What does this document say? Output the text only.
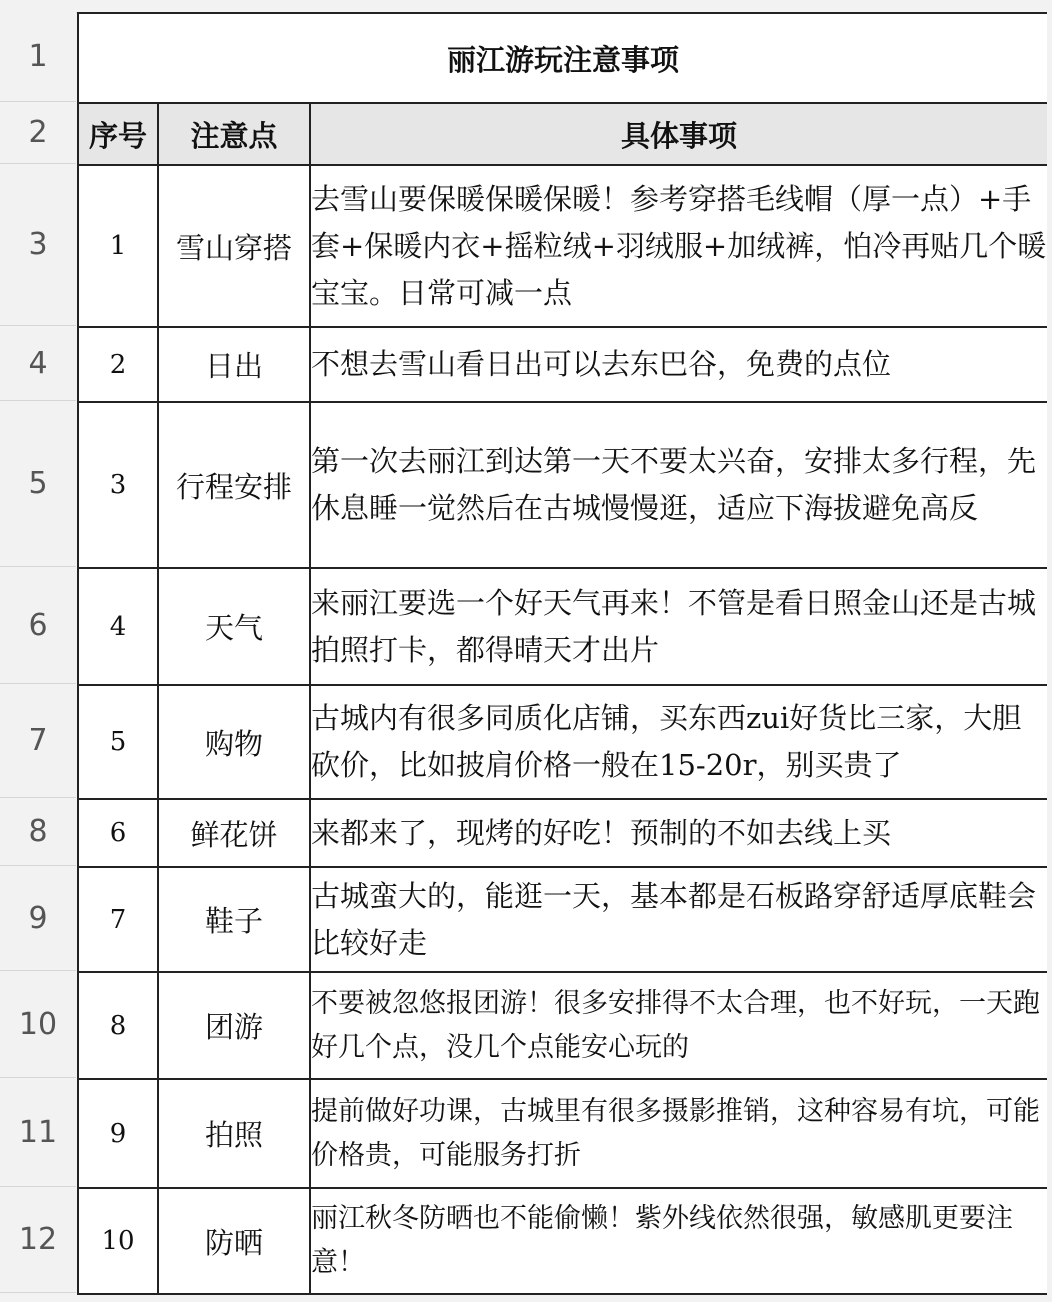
1
2
3
4
5
6
7
8
9
10
11
12
丽江游玩注意事项		
序号	注意点	具体事项
1	雪山穿搭	去雪山要保暖保暖保暖！参考穿搭毛线帽（厚一点）+手套+保暖内衣+摇粒绒+羽绒服+加绒裤，怕冷再贴几个暖宝宝。日常可减一点
2	日出	不想去雪山看日出可以去东巴谷，免费的点位
3	行程安排	第一次去丽江到达第一天不要太兴奋，安排太多行程，先休息睡一觉然后在古城慢慢逛，适应下海拔避免高反
4	天气	来丽江要选一个好天气再来！不管是看日照金山还是古城拍照打卡，都得晴天才出片
5	购物	古城内有很多同质化店铺，买东西zui好货比三家，大胆砍价，比如披肩价格一般在15-20r，别买贵了
6	鲜花饼	来都来了，现烤的好吃！预制的不如去线上买
7	鞋子	古城蛮大的，能逛一天，基本都是石板路穿舒适厚底鞋会比较好走
8	团游	不要被忽悠报团游！很多安排得不太合理，也不好玩，一天跑好几个点，没几个点能安心玩的
9	拍照	提前做好功课，古城里有很多摄影推销，这种容易有坑，可能价格贵，可能服务打折
10	防晒	丽江秋冬防晒也不能偷懒！紫外线依然很强，敏感肌更要注意！
